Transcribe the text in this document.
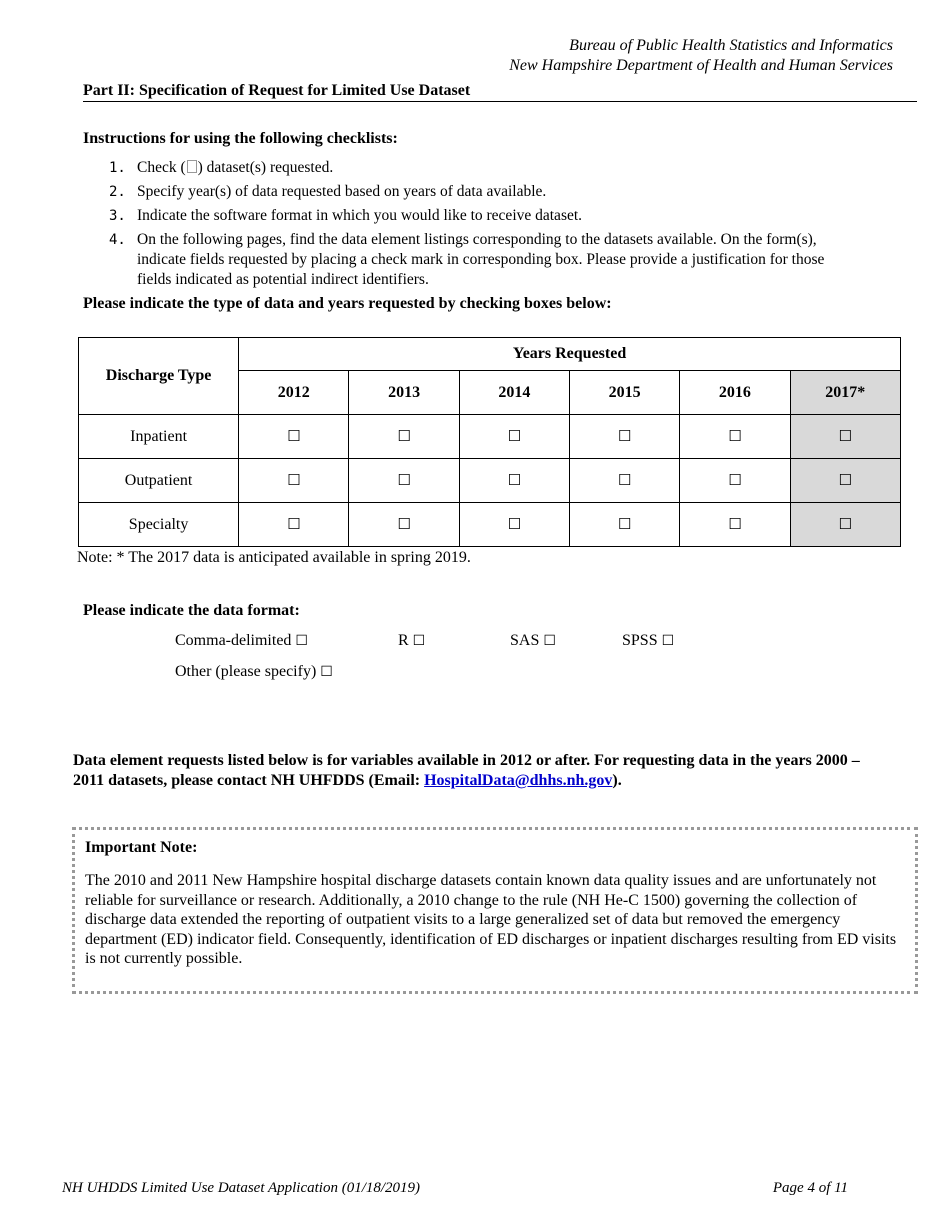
Bureau of Public Health Statistics and Informatics
New Hampshire Department of Health and Human Services
Part II: Specification of Request for Limited Use Dataset
Instructions for using the following checklists:
1. Check ( ) dataset(s) requested.
2. Specify year(s) of data requested based on years of data available.
3. Indicate the software format in which you would like to receive dataset.
4. On the following pages, find the data element listings corresponding to the datasets available. On the form(s), indicate fields requested by placing a check mark in corresponding box. Please provide a justification for those fields indicated as potential indirect identifiers.
Please indicate the type of data and years requested by checking boxes below:
Discharge Type	Years Requested					
	2012	2013	2014	2015	2016	2017*
Inpatient	☐	☐	☐	☐	☐	☐
Outpatient	☐	☐	☐	☐	☐	☐
Specialty	☐	☐	☐	☐	☐	☐
Note: * The 2017 data is anticipated available in spring 2019.
Please indicate the data format:
Comma-delimited ☐	R ☐	SAS ☐	SPSS ☐
Other (please specify) ☐
Data element requests listed below is for variables available in 2012 or after. For requesting data in the years 2000 – 2011 datasets, please contact NH UHFDDS (Email: HospitalData@dhhs.nh.gov).
Important Note:
The 2010 and 2011 New Hampshire hospital discharge datasets contain known data quality issues and are unfortunately not reliable for surveillance or research. Additionally, a 2010 change to the rule (NH He-C 1500) governing the collection of discharge data extended the reporting of outpatient visits to a large generalized set of data but removed the emergency department (ED) indicator field. Consequently, identification of ED discharges or inpatient discharges resulting from ED visits is not currently possible.
NH UHDDS Limited Use Dataset Application (01/18/2019)	Page 4 of 11
